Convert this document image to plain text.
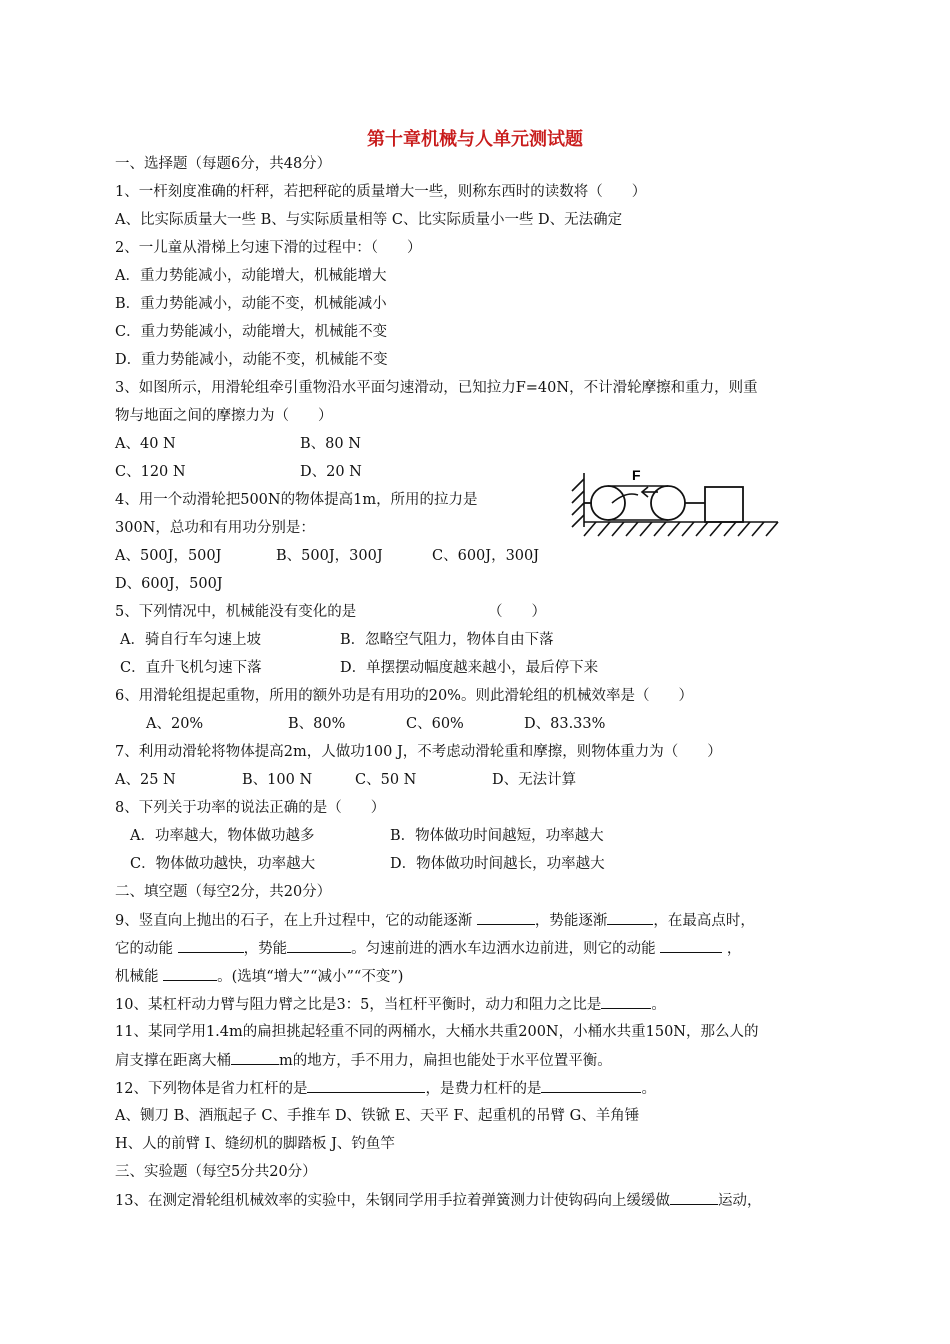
第十章机械与人单元测试题
一、选择题（每题6分，共48分）
1、一杆刻度准确的杆秤，若把秤砣的质量增大一些，则称东西时的读数将（　　）
A、比实际质量大一些 B、与实际质量相等 C、比实际质量小一些 D、无法确定
2、一儿童从滑梯上匀速下滑的过程中：（　　）
A．重力势能减小，动能增大，机械能增大
B．重力势能减小，动能不变，机械能减小
C．重力势能减小，动能增大，机械能不变
D．重力势能减小，动能不变，机械能不变
3、如图所示，用滑轮组牵引重物沿水平面匀速滑动，已知拉力F=40N，不计滑轮摩擦和重力，则重
物与地面之间的摩擦力为（　　）
A、40 N	B、80 N
C、120 N	D、20 N	F
4、用一个动滑轮把500N的物体提高1m，所用的拉力是
300N，总功和有用功分别是：
A、500J，500J	B、500J，300J	C、600J，300J
D、600J，500J
5、下列情况中，机械能没有变化的是	（　　）
A．骑自行车匀速上坡	B．忽略空气阻力，物体自由下落
C．直升飞机匀速下落	D．单摆摆动幅度越来越小，最后停下来
6、用滑轮组提起重物，所用的额外功是有用功的20%。则此滑轮组的机械效率是（　　）
A、20%	B、80%	C、60%	D、83.33%
7、利用动滑轮将物体提高2m，人做功100 J，不考虑动滑轮重和摩擦，则物体重力为（　　）
A、25 N	B、100 N	C、50 N	D、无法计算
8、下列关于功率的说法正确的是（　　）
A．功率越大，物体做功越多	B．物体做功时间越短，功率越大
C．物体做功越快，功率越大	D．物体做功时间越长，功率越大
二、填空题（每空2分，共20分）
9、竖直向上抛出的石子，在上升过程中，它的动能逐渐	，势能逐渐	，在最高点时，
它的动能	，势能	。匀速前进的洒水车边洒水边前进，则它的动能	，
机械能	。(选填“增大”“减小”“不变”)
10、某杠杆动力臂与阻力臂之比是3：5，当杠杆平衡时，动力和阻力之比是	。
11、某同学用1.4m的扁担挑起轻重不同的两桶水，大桶水共重200N，小桶水共重150N，那么人的
肩支撑在距离大桶	m的地方，手不用力，扁担也能处于水平位置平衡。
12、下列物体是省力杠杆的是	，是费力杠杆的是	。
A、铡刀 B、酒瓶起子 C、手推车 D、铁锨 E、天平 F、起重机的吊臂 G、羊角锤
H、人的前臂 I、缝纫机的脚踏板 J、钓鱼竿
三、实验题（每空5分共20分）
13、在测定滑轮组机械效率的实验中，朱钢同学用手拉着弹簧测力计使钩码向上缓缓做	运动，
